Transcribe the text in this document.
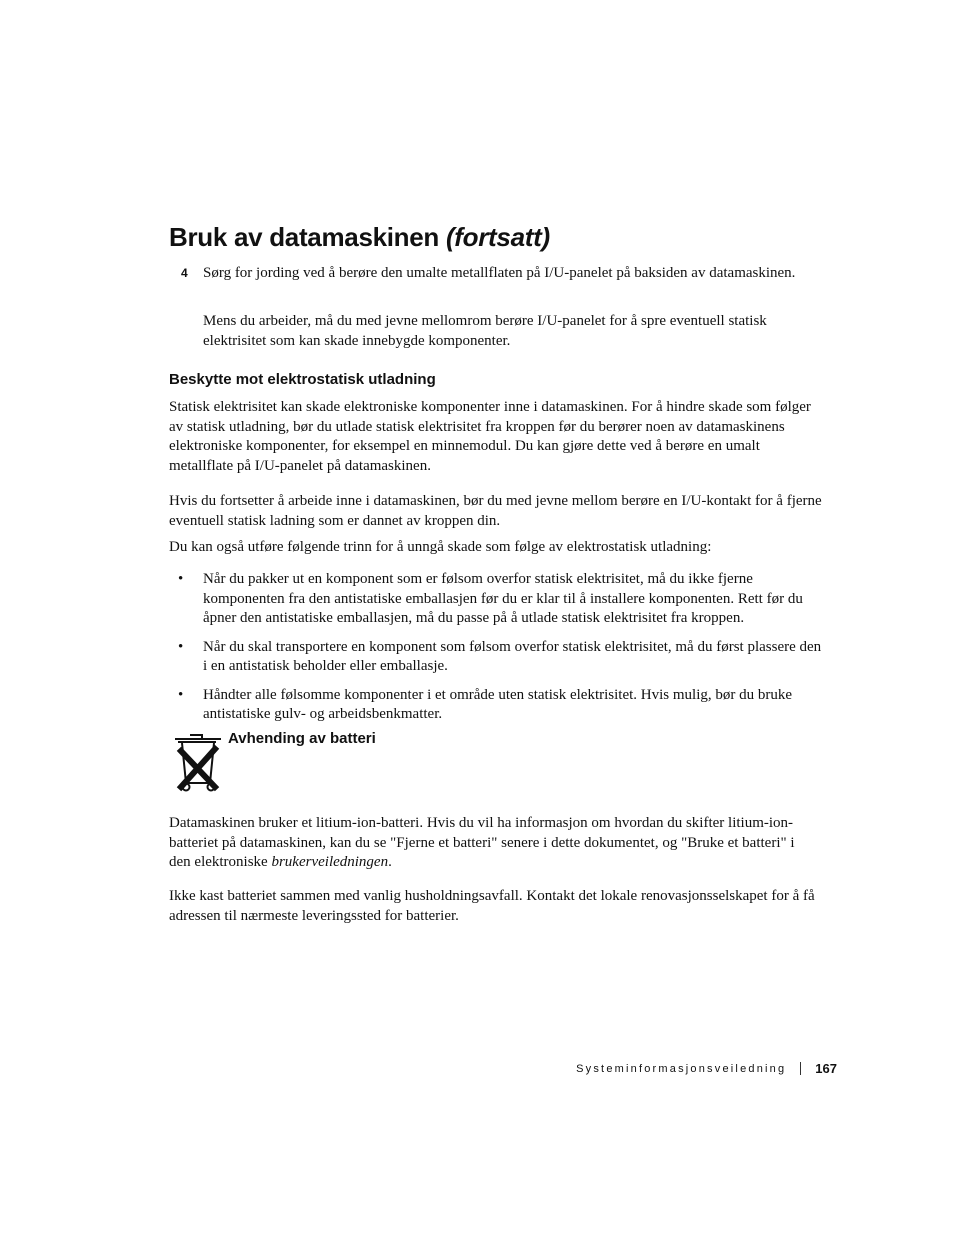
Bruk av datamaskinen (fortsatt)
4 Sørg for jording ved å berøre den umalte metallflaten på I/U-panelet på baksiden av datamaskinen.

Mens du arbeider, må du med jevne mellomrom berøre I/U-panelet for å spre eventuell statisk elektrisitet som kan skade innebygde komponenter.

Beskytte mot elektrostatisk utladning

Statisk elektrisitet kan skade elektroniske komponenter inne i datamaskinen. For å hindre skade som følger av statisk utladning, bør du utlade statisk elektrisitet fra kroppen før du berører noen av datamaskinens elektroniske komponenter, for eksempel en minnemodul. Du kan gjøre dette ved å berøre en umalt metallflate på I/U-panelet på datamaskinen.

Hvis du fortsetter å arbeide inne i datamaskinen, bør du med jevne mellom berøre en I/U-kontakt for å fjerne eventuell statisk ladning som er dannet av kroppen din.

Du kan også utføre følgende trinn for å unngå skade som følge av elektrostatisk utladning:

• Når du pakker ut en komponent som er følsom overfor statisk elektrisitet, må du ikke fjerne komponenten fra den antistatiske emballasjen før du er klar til å installere komponenten. Rett før du åpner den antistatiske emballasjen, må du passe på å utlade statisk elektrisitet fra kroppen.
• Når du skal transportere en komponent som følsom overfor statisk elektrisitet, må du først plassere den i en antistatisk beholder eller emballasje.
• Håndter alle følsomme komponenter i et område uten statisk elektrisitet. Hvis mulig, bør du bruke antistatiske gulv- og arbeidsbenkmatter.
Avhending av batteri

Datamaskinen bruker et litium-ion-batteri. Hvis du vil ha informasjon om hvordan du skifter litium-ion-batteriet på datamaskinen, kan du se "Fjerne et batteri" senere i dette dokumentet, og "Bruke et batteri" i den elektroniske brukerveiledningen.

Ikke kast batteriet sammen med vanlig husholdningsavfall. Kontakt det lokale renovasjonsselskapet for å få adressen til nærmeste leveringssted for batterier.

Systeminformasjonsveiledning 167
